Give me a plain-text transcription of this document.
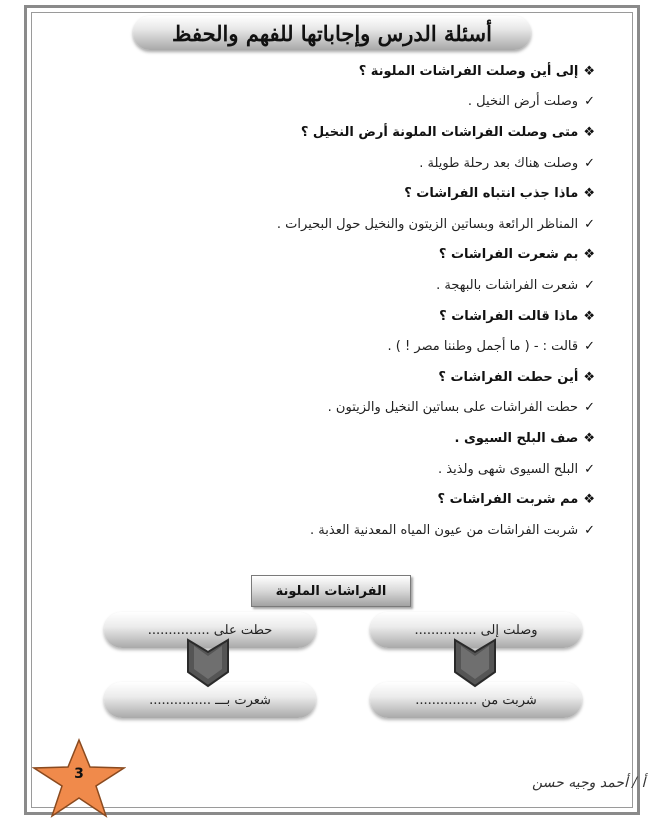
أسئلة الدرس وإجاباتها للفهم والحفظ
❖
إلى أين وصلت الفراشات الملونة ؟
✓
وصلت أرض النخيل .
❖
متى وصلت الفراشات الملونة أرض النخيل ؟
✓
وصلت هناك بعد رحلة طويلة .
❖
ماذا جذب انتباه الفراشات ؟
✓
المناظر الرائعة وبساتين الزيتون والنخيل حول البحيرات .
❖
بم شعرت الفراشات ؟
✓
شعرت الفراشات بالبهجة .
❖
ماذا قالت الفراشات ؟
✓
قالت : - ( ما أجمل وطننا مصر ! ) .
❖
أين حطت الفراشات ؟
✓
حطت الفراشات على بساتين النخيل والزيتون .
❖
صف البلح السيوى .
✓
البلح السيوى شهى ولذيذ .
❖
مم شربت الفراشات ؟
✓
شربت الفراشات من عيون المياه المعدنية العذبة .
الفراشات الملونة
حطت على ...............	وصلت إلى ...............
شعرت بـــ ...............	شربت من ...............
3
أ / أحمد وجيه حسن
